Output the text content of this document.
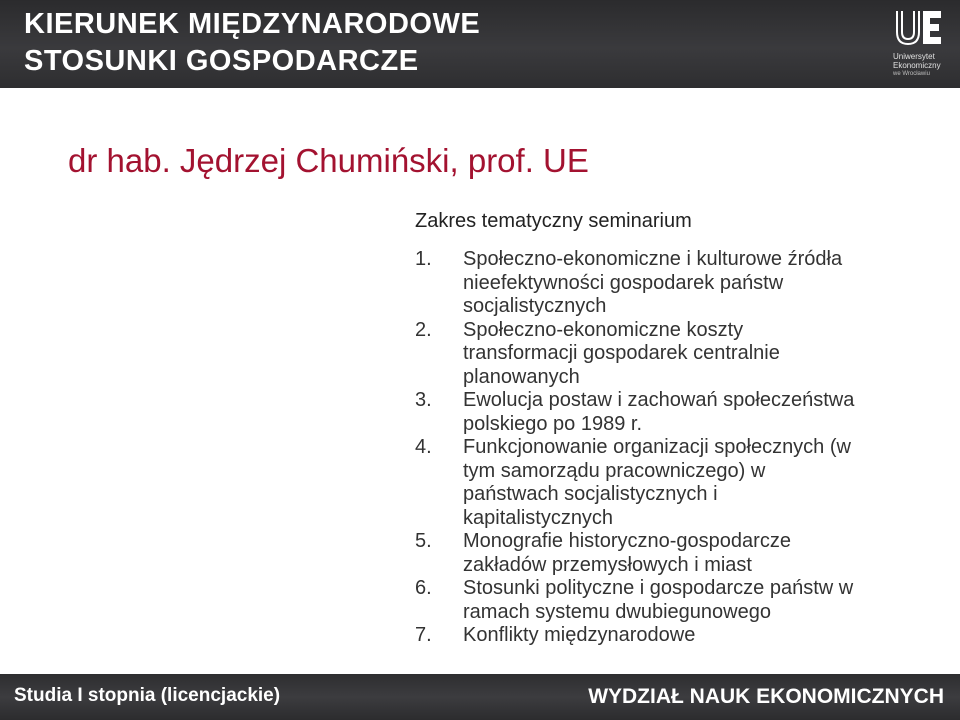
KIERUNEK MIĘDZYNARODOWE
STOSUNKI GOSPODARCZE	Uniwersytet
Ekonomiczny
we Wrocławiu
dr hab. Jędrzej Chumiński, prof. UE
Zakres tematyczny seminarium
1. Społeczno-ekonomiczne i kulturowe źródła
nieefektywności gospodarek państw
socjalistycznych
2. Społeczno-ekonomiczne koszty
transformacji gospodarek centralnie
planowanych
3. Ewolucja postaw i zachowań społeczeństwa
polskiego po 1989 r.
4. Funkcjonowanie organizacji społecznych (w
tym samorządu pracowniczego) w
państwach socjalistycznych i
kapitalistycznych
5. Monografie historyczno-gospodarcze
zakładów przemysłowych i miast
6. Stosunki polityczne i gospodarcze państw w
ramach systemu dwubiegunowego
7. Konflikty międzynarodowe
Studia I stopnia (licencjackie)	WYDZIAŁ NAUK EKONOMICZNYCH
